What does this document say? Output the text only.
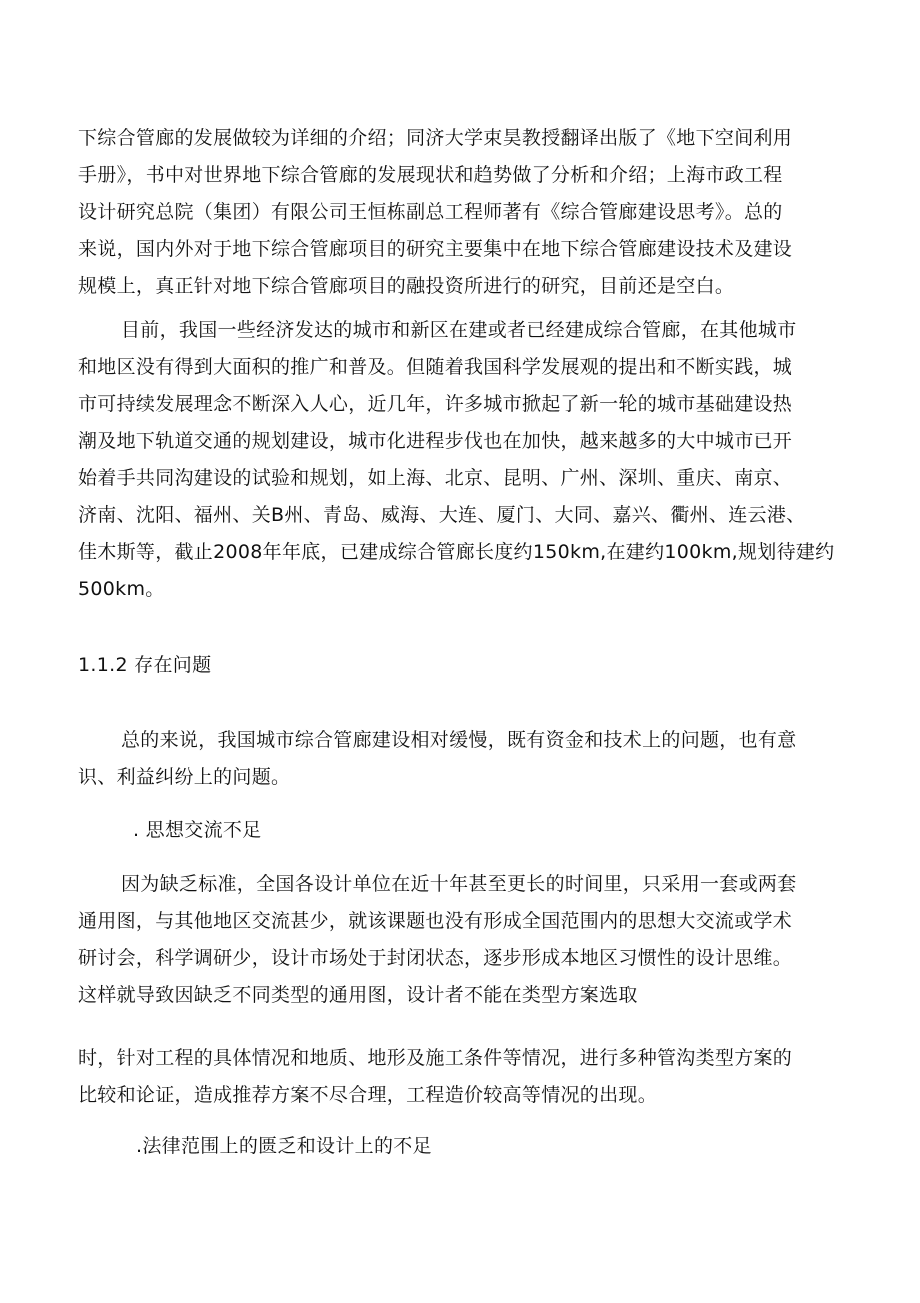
下综合管廊的发展做较为详细的介绍；同济大学束昊教授翻译出版了《地下空间利用
手册》，书中对世界地下综合管廊的发展现状和趋势做了分析和介绍；上海市政工程
设计研究总院（集团）有限公司王恒栋副总工程师著有《综合管廊建设思考》。总的
来说，国内外对于地下综合管廊项目的研究主要集中在地下综合管廊建设技术及建设
规模上，真正针对地下综合管廊项目的融投资所进行的研究，目前还是空白。
目前，我国一些经济发达的城市和新区在建或者已经建成综合管廊，在其他城市
和地区没有得到大面积的推广和普及。但随着我国科学发展观的提出和不断实践，城
市可持续发展理念不断深入人心，近几年，许多城市掀起了新一轮的城市基础建设热
潮及地下轨道交通的规划建设，城市化进程步伐也在加快，越来越多的大中城市已开
始着手共同沟建设的试验和规划，如上海、北京、昆明、广州、深圳、重庆、南京、
济南、沈阳、福州、关B州、青岛、威海、大连、厦门、大同、嘉兴、衢州、连云港、
佳木斯等，截止2008年年底，已建成综合管廊长度约150km,在建约100km,规划待建约
500km。
1.1.2 存在问题
总的来说，我国城市综合管廊建设相对缓慢，既有资金和技术上的问题，也有意
识、利益纠纷上的问题。
. 思想交流不足
因为缺乏标准，全国各设计单位在近十年甚至更长的时间里，只采用一套或两套
通用图，与其他地区交流甚少，就该课题也没有形成全国范围内的思想大交流或学术
研讨会，科学调研少，设计市场处于封闭状态，逐步形成本地区习惯性的设计思维。
这样就导致因缺乏不同类型的通用图，设计者不能在类型方案选取
时，针对工程的具体情况和地质、地形及施工条件等情况，进行多种管沟类型方案的
比较和论证，造成推荐方案不尽合理，工程造价较高等情况的出现。
.法律范围上的匮乏和设计上的不足
